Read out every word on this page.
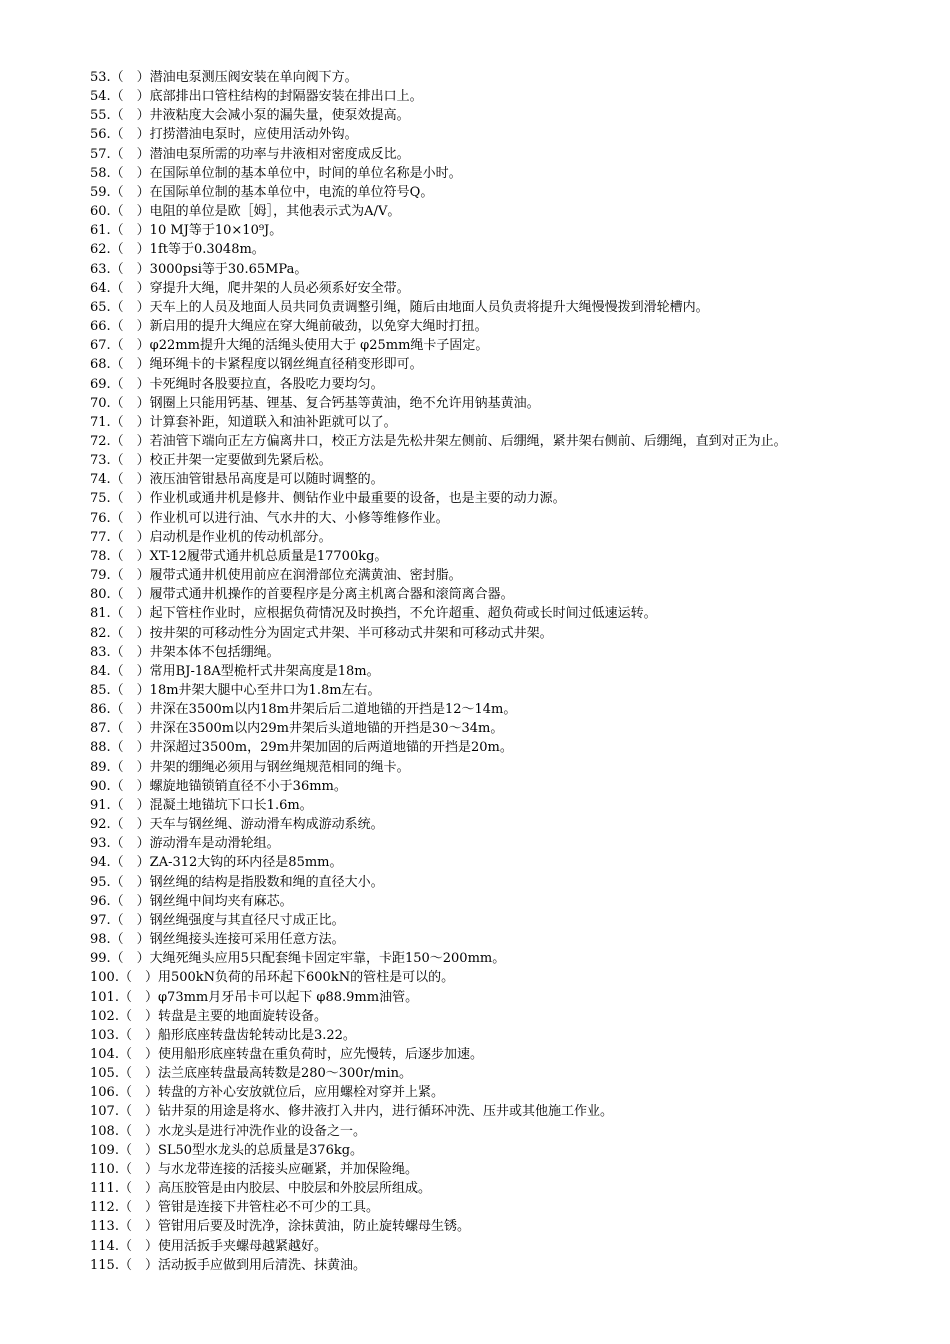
53.（　）潜油电泵测压阀安装在单向阀下方。
54.（　）底部排出口管柱结构的封隔器安装在排出口上。
55.（　）井液粘度大会减小泵的漏失量，使泵效提高。
56.（　）打捞潜油电泵时，应使用活动外钩。
57.（　）潜油电泵所需的功率与井液相对密度成反比。
58.（　）在国际单位制的基本单位中，时间的单位名称是小时。
59.（　）在国际单位制的基本单位中，电流的单位符号Q。
60.（　）电阻的单位是欧［姆］，其他表示式为A/V。
61.（　）10 MJ等于10×10⁹J。
62.（　）1ft等于0.3048m。
63.（　）3000psi等于30.65MPa。
64.（　）穿提升大绳，爬井架的人员必须系好安全带。
65.（　）天车上的人员及地面人员共同负责调整引绳，随后由地面人员负责将提升大绳慢慢拨到滑轮槽内。
66.（　）新启用的提升大绳应在穿大绳前破劲，以免穿大绳时打扭。
67.（　）φ22mm提升大绳的活绳头使用大于 φ25mm绳卡子固定。
68.（　）绳环绳卡的卡紧程度以钢丝绳直径稍变形即可。
69.（　）卡死绳时各股要拉直，各股吃力要均匀。
70.（　）钢圈上只能用钙基、锂基、复合钙基等黄油，绝不允许用钠基黄油。
71.（　）计算套补距，知道联入和油补距就可以了。
72.（　）若油管下端向正左方偏离井口，校正方法是先松井架左侧前、后绷绳，紧井架右侧前、后绷绳，直到对正为止。
73.（　）校正井架一定要做到先紧后松。
74.（　）液压油管钳悬吊高度是可以随时调整的。
75.（　）作业机或通井机是修井、侧钻作业中最重要的设备，也是主要的动力源。
76.（　）作业机可以进行油、气水井的大、小修等维修作业。
77.（　）启动机是作业机的传动机部分。
78.（　）XT-12履带式通井机总质量是17700kg。
79.（　）履带式通井机使用前应在润滑部位充满黄油、密封脂。
80.（　）履带式通井机操作的首要程序是分离主机离合器和滚筒离合器。
81.（　）起下管柱作业时，应根据负荷情况及时换挡，不允许超重、超负荷或长时间过低速运转。
82.（　）按井架的可移动性分为固定式井架、半可移动式井架和可移动式井架。
83.（　）井架本体不包括绷绳。
84.（　）常用BJ-18A型桅杆式井架高度是18m。
85.（　）18m井架大腿中心至井口为1.8m左右。
86.（　）井深在3500m以内18m井架后后二道地锚的开挡是12～14m。
87.（　）井深在3500m以内29m井架后头道地锚的开挡是30～34m。
88.（　）井深超过3500m，29m井架加固的后两道地锚的开挡是20m。
89.（　）井架的绷绳必须用与钢丝绳规范相同的绳卡。
90.（　）螺旋地锚锁销直径不小于36mm。
91.（　）混凝土地锚坑下口长1.6m。
92.（　）天车与钢丝绳、游动滑车构成游动系统。
93.（　）游动滑车是动滑轮组。
94.（　）ZA-312大钩的环内径是85mm。
95.（　）钢丝绳的结构是指股数和绳的直径大小。
96.（　）钢丝绳中间均夹有麻芯。
97.（　）钢丝绳强度与其直径尺寸成正比。
98.（　）钢丝绳接头连接可采用任意方法。
99.（　）大绳死绳头应用5只配套绳卡固定牢靠，卡距150～200mm。
100.（　）用500kN负荷的吊环起下600kN的管柱是可以的。
101.（　）φ73mm月牙吊卡可以起下 φ88.9mm油管。
102.（　）转盘是主要的地面旋转设备。
103.（　）船形底座转盘齿轮转动比是3.22。
104.（　）使用船形底座转盘在重负荷时，应先慢转，后逐步加速。
105.（　）法兰底座转盘最高转数是280～300r/min。
106.（　）转盘的方补心安放就位后，应用螺栓对穿并上紧。
107.（　）钻井泵的用途是将水、修井液打入井内，进行循环冲洗、压井或其他施工作业。
108.（　）水龙头是进行冲洗作业的设备之一。
109.（　）SL50型水龙头的总质量是376kg。
110.（　）与水龙带连接的活接头应砸紧，并加保险绳。
111.（　）高压胶管是由内胶层、中胶层和外胶层所组成。
112.（　）管钳是连接下井管柱必不可少的工具。
113.（　）管钳用后要及时洗净，涂抹黄油，防止旋转螺母生锈。
114.（　）使用活扳手夹螺母越紧越好。
115.（　）活动扳手应做到用后清洗、抹黄油。
